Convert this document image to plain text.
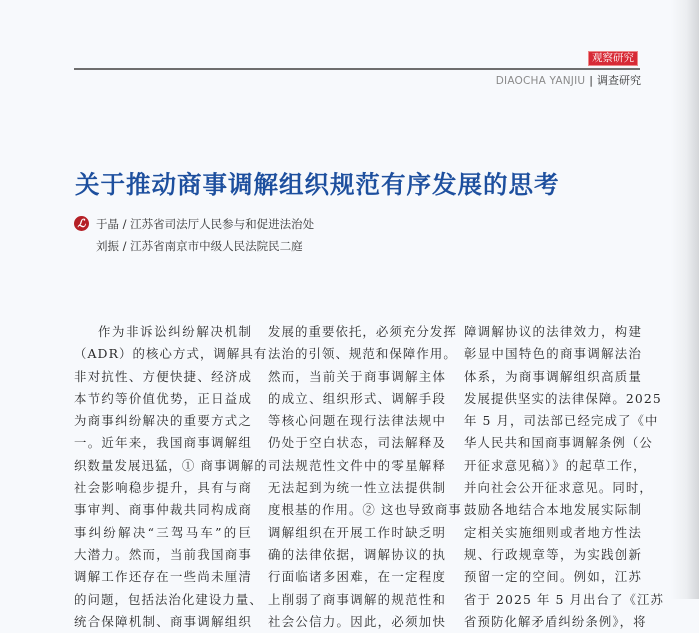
观察研究
DIAOCHA YANJIU | 调查研究
关于推动商事调解组织规范有序发展的思考
ℒ 于晶 / 江苏省司法厅人民参与和促进法治处
刘振 / 江苏省南京市中级人民法院民二庭

作为非诉讼纠纷解决机制

（ADR）的核心方式，调解具有

非对抗性、方便快捷、经济成

本节约等价值优势，正日益成

为商事纠纷解决的重要方式之

一。近年来，我国商事调解组

织数量发展迅猛，① 商事调解的

社会影响稳步提升，具有与商

事审判、商事仲裁共同构成商

事纠纷解决“三驾马车”的巨

大潜力。然而，当前我国商事

调解工作还存在一些尚未厘清

的问题，包括法治化建设力量、

统合保障机制、商事调解组织

发展的重要依托，必须充分发挥

法治的引领、规范和保障作用。

然而，当前关于商事调解主体

的成立、组织形式、调解手段

等核心问题在现行法律法规中

仍处于空白状态，司法解释及

司法规范性文件中的零星解释

无法起到为统一性立法提供制

度根基的作用。② 这也导致商事

调解组织在开展工作时缺乏明

确的法律依据，调解协议的执

行面临诸多困难，在一定程度

上削弱了商事调解的规范性和

社会公信力。因此，必须加快

障调解协议的法律效力，构建

彰显中国特色的商事调解法治

体系，为商事调解组织高质量

发展提供坚实的法律保障。2025

年 5 月，司法部已经完成了《中

华人民共和国商事调解条例（公

开征求意见稿）》的起草工作，

并向社会公开征求意见。同时，

鼓励各地结合本地发展实际制

定相关实施细则或者地方性法

规、行政规章等，为实践创新

预留一定的空间。例如，江苏

省于 2025 年 5 月出台了《江苏

省预防化解矛盾纠纷条例》，将
